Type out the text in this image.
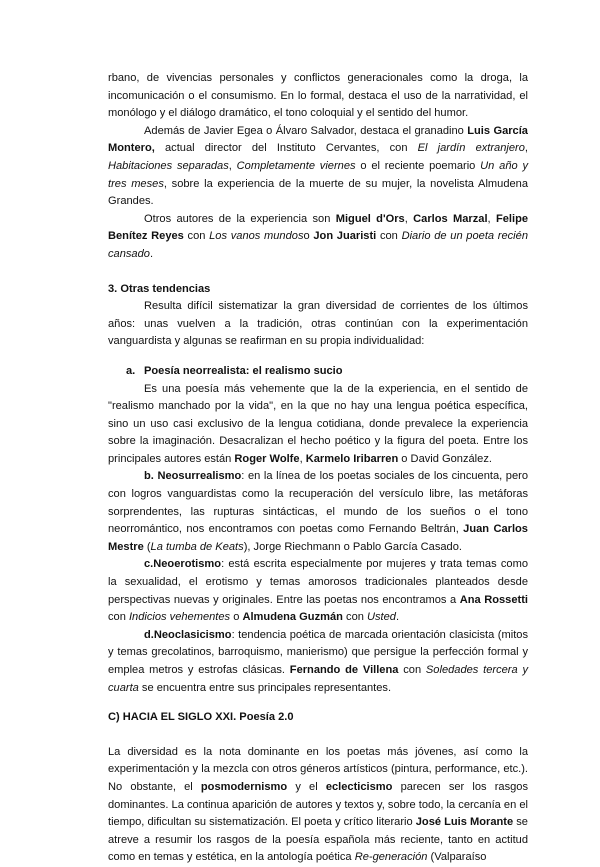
rbano, de vivencias personales y conflictos generacionales como la droga, la incomunicación o el consumismo. En lo formal, destaca el uso de la narratividad, el monólogo y el diálogo dramático, el tono coloquial y el sentido del humor.

Además de Javier Egea o Álvaro Salvador, destaca el granadino Luis García Montero, actual director del Instituto Cervantes, con El jardín extranjero, Habitaciones separadas, Completamente viernes o el reciente poemario Un año y tres meses, sobre la experiencia de la muerte de su mujer, la novelista Almudena Grandes.

Otros autores de la experiencia son Miguel d'Ors, Carlos Marzal, Felipe Benítez Reyes con Los vanos mundoso Jon Juaristi con Diario de un poeta recién cansado.

3. Otras tendencias

Resulta difícil sistematizar la gran diversidad de corrientes de los últimos años: unas vuelven a la tradición, otras continúan con la experimentación vanguardista y algunas se reafirman en su propia individualidad:

a. Poesía neorrealista: el realismo sucio

Es una poesía más vehemente que la de la experiencia, en el sentido de "realismo manchado por la vida", en la que no hay una lengua poética específica, sino un uso casi exclusivo de la lengua cotidiana, donde prevalece la experiencia sobre la imaginación. Desacralizan el hecho poético y la figura del poeta. Entre los principales autores están Roger Wolfe, Karmelo Iribarren o David González.

b. Neosurrealismo: en la línea de los poetas sociales de los cincuenta, pero con logros vanguardistas como la recuperación del versículo libre, las metáforas sorprendentes, las rupturas sintácticas, el mundo de los sueños o el tono neorromántico, nos encontramos con poetas como Fernando Beltrán, Juan Carlos Mestre (La tumba de Keats), Jorge Riechmann o Pablo García Casado.

c.Neoerotismo: está escrita especialmente por mujeres y trata temas como la sexualidad, el erotismo y temas amorosos tradicionales planteados desde perspectivas nuevas y originales. Entre las poetas nos encontramos a Ana Rossetti con Indicios vehementes o Almudena Guzmán con Usted.

d.Neoclasicismo: tendencia poética de marcada orientación clasicista (mitos y temas grecolatinos, barroquismo, manierismo) que persigue la perfección formal y emplea metros y estrofas clásicas. Fernando de Villena con Soledades tercera y cuarta se encuentra entre sus principales representantes.

C) HACIA EL SIGLO XXI. Poesía 2.0

La diversidad es la nota dominante en los poetas más jóvenes, así como la experimentación y la mezcla con otros géneros artísticos (pintura, performance, etc.). No obstante, el posmodernismo y el eclecticismo parecen ser los rasgos dominantes. La continua aparición de autores y textos y, sobre todo, la cercanía en el tiempo, dificultan su sistematización. El poeta y crítico literario José Luis Morante se atreve a resumir los rasgos de la poesía española más reciente, tanto en actitud como en temas y estética, en la antología poética Re-generación (Valparaíso
